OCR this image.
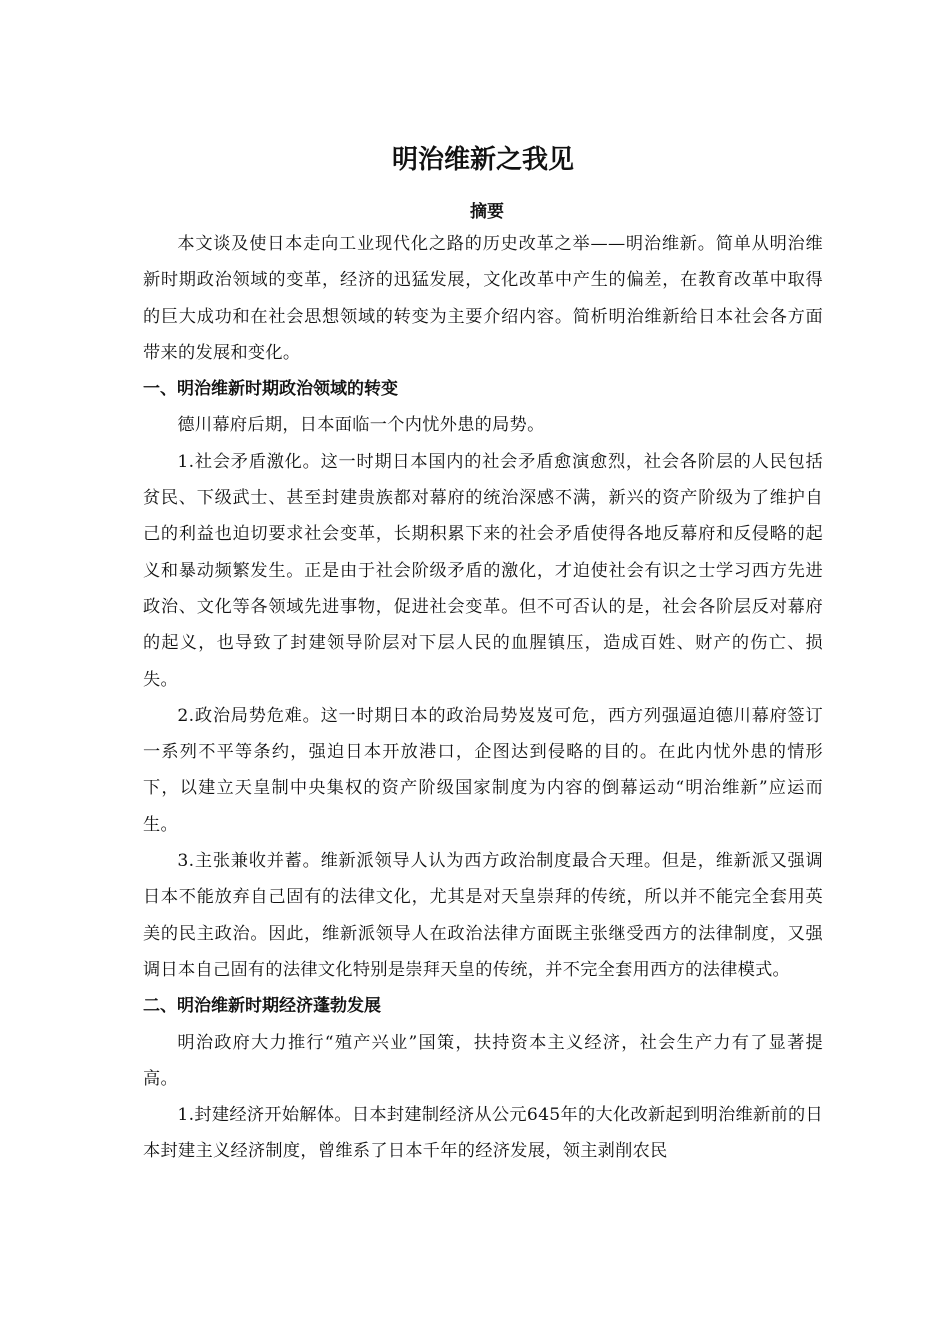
明治维新之我见
摘要

本文谈及使日本走向工业现代化之路的历史改革之举——明治维新。简单从明治维新时期政治领域的变革，经济的迅猛发展，文化改革中产生的偏差，在教育改革中取得的巨大成功和在社会思想领域的转变为主要介绍内容。简析明治维新给日本社会各方面带来的发展和变化。

一、明治维新时期政治领域的转变

德川幕府后期，日本面临一个内忧外患的局势。

1.社会矛盾激化。这一时期日本国内的社会矛盾愈演愈烈，社会各阶层的人民包括贫民、下级武士、甚至封建贵族都对幕府的统治深感不满，新兴的资产阶级为了维护自己的利益也迫切要求社会变革，长期积累下来的社会矛盾使得各地反幕府和反侵略的起义和暴动频繁发生。正是由于社会阶级矛盾的激化，才迫使社会有识之士学习西方先进政治、文化等各领域先进事物，促进社会变革。但不可否认的是，社会各阶层反对幕府的起义，也导致了封建领导阶层对下层人民的血腥镇压，造成百姓、财产的伤亡、损失。

2.政治局势危难。这一时期日本的政治局势岌岌可危，西方列强逼迫德川幕府签订一系列不平等条约，强迫日本开放港口，企图达到侵略的目的。在此内忧外患的情形下，以建立天皇制中央集权的资产阶级国家制度为内容的倒幕运动“明治维新”应运而生。

3.主张兼收并蓄。维新派领导人认为西方政治制度最合天理。但是，维新派又强调日本不能放弃自己固有的法律文化，尤其是对天皇崇拜的传统，所以并不能完全套用英美的民主政治。因此，维新派领导人在政治法律方面既主张继受西方的法律制度，又强调日本自己固有的法律文化特别是崇拜天皇的传统，并不完全套用西方的法律模式。

二、明治维新时期经济蓬勃发展

明治政府大力推行“殖产兴业”国策，扶持资本主义经济，社会生产力有了显著提高。

1.封建经济开始解体。日本封建制经济从公元645年的大化改新起到明治维新前的日本封建主义经济制度，曾维系了日本千年的经济发展，领主剥削农民
